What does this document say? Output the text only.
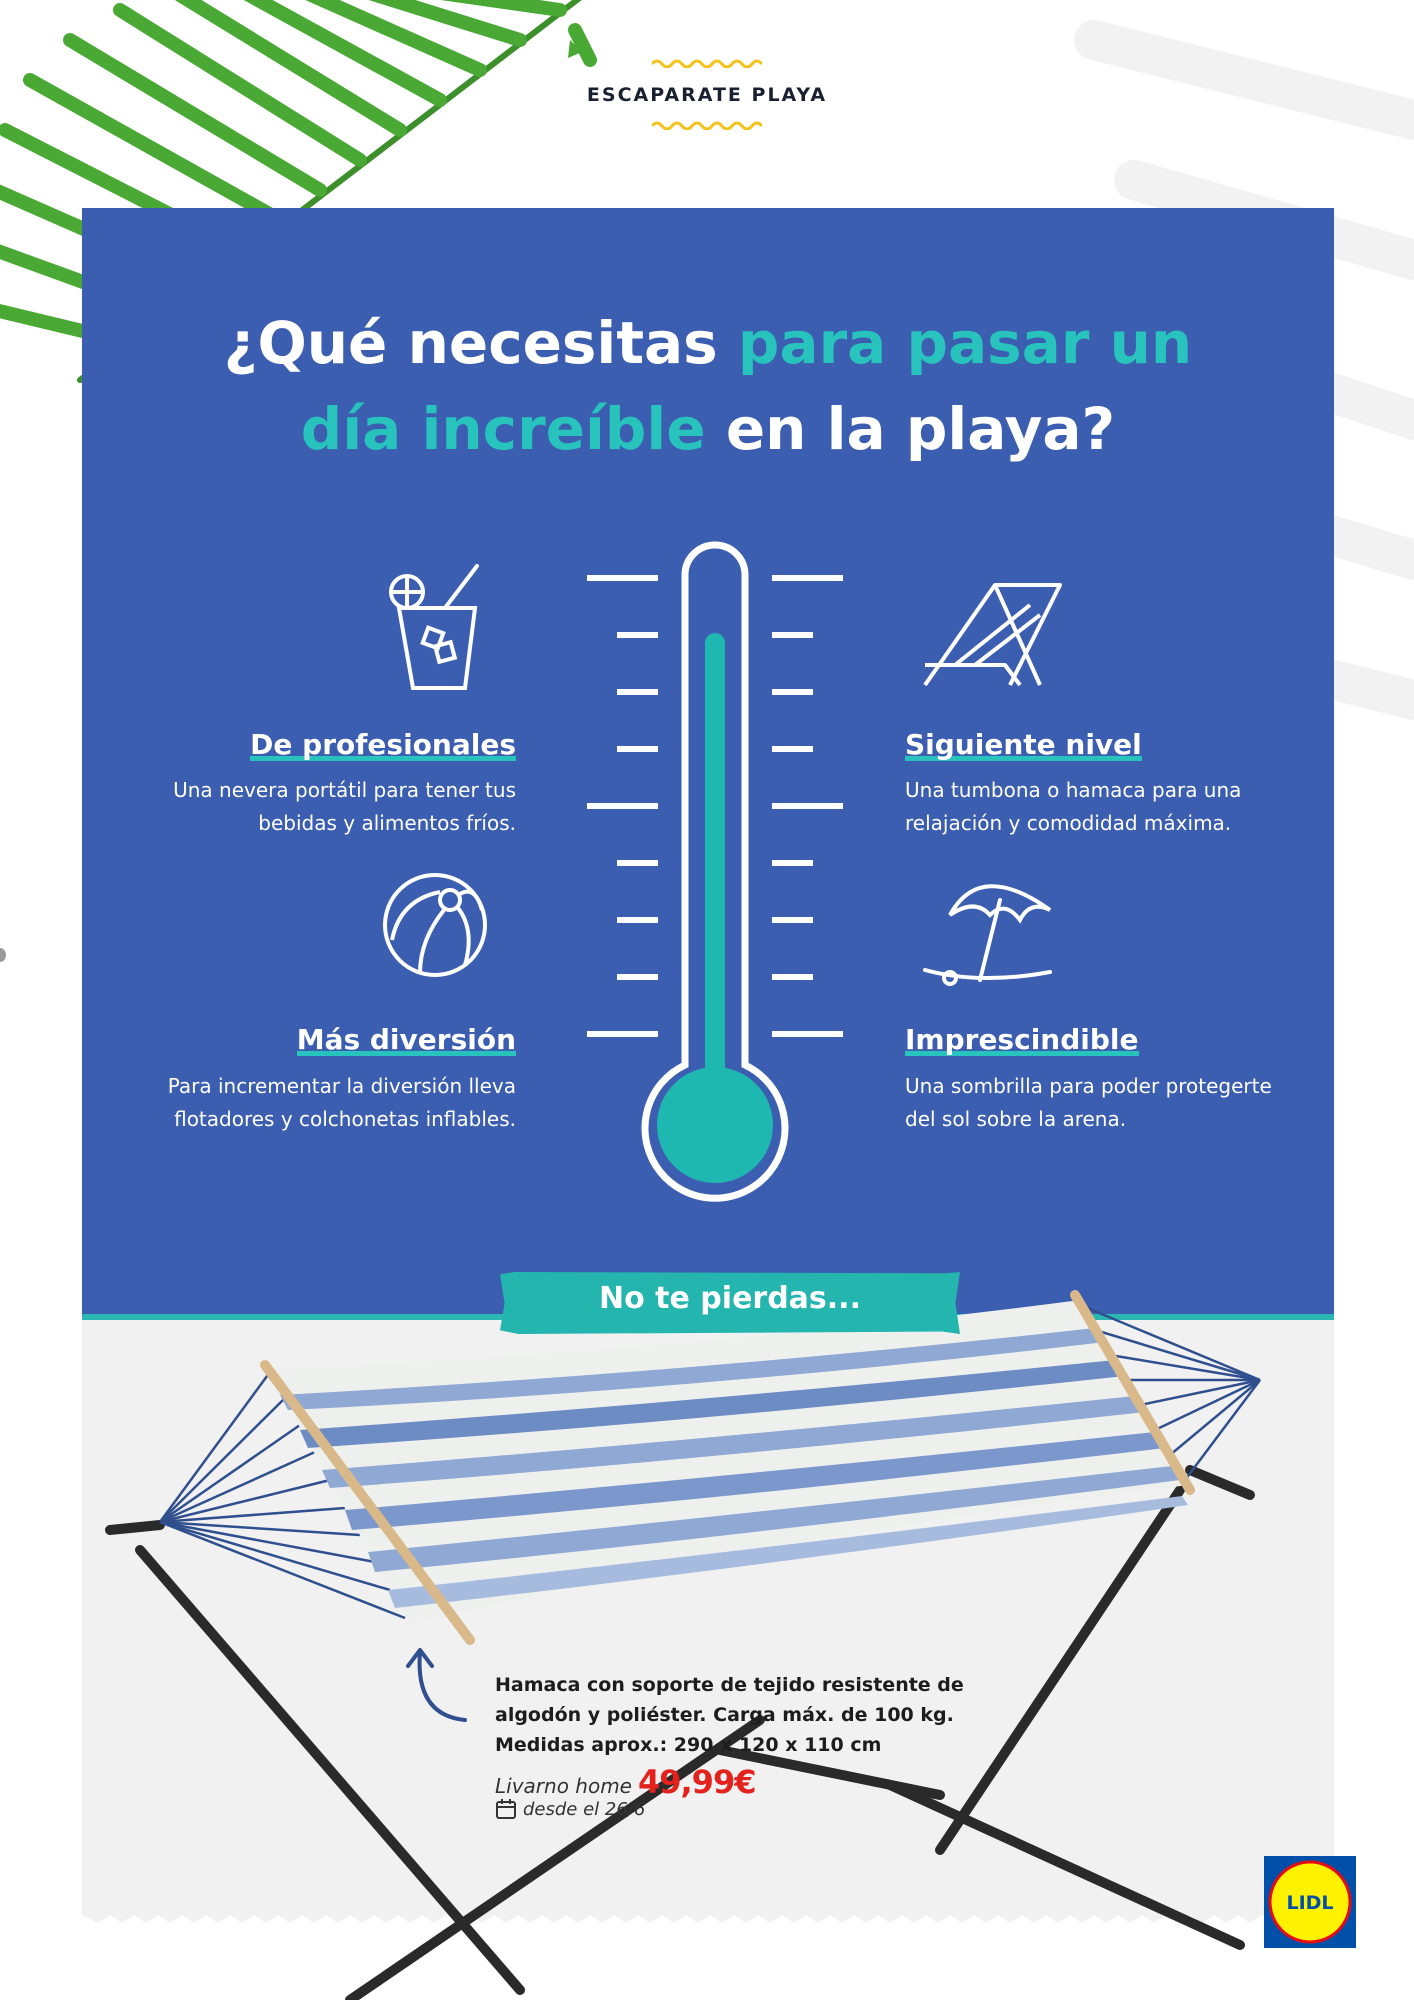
ESCAPARATE PLAYA
¿Qué necesitas para pasar un
día increíble en la playa?
De profesionales
Una nevera portátil para tener tus bebidas y alimentos fríos.
Siguiente nivel
Una tumbona o hamaca para una relajación y comodidad máxima.
Más diversión
Para incrementar la diversión lleva flotadores y colchonetas inflables.
Imprescindible
Una sombrilla para poder protegerte del sol sobre la arena.
No te pierdas...
Hamaca con soporte de tejido resistente de algodón y poliéster. Carga máx. de 100 kg. Medidas aprox.: 290 x 120 x 110 cm
Livarno home 49,99€
desde el 26/6
LIDL
